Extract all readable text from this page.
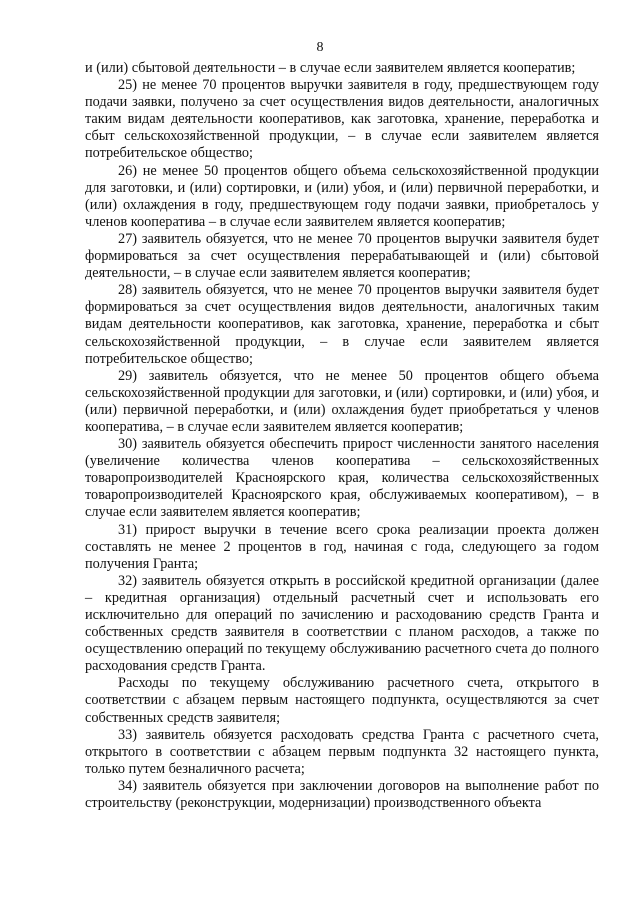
8

и (или) сбытовой деятельности – в случае если заявителем является кооператив;

25) не менее 70 процентов выручки заявителя в году, предшествующем году подачи заявки, получено за счет осуществления видов деятельности, аналогичных таким видам деятельности кооперативов, как заготовка, хранение, переработка и сбыт сельскохозяйственной продукции, – в случае если заявителем является потребительское общество;

26) не менее 50 процентов общего объема сельскохозяйственной продукции для заготовки, и (или) сортировки, и (или) убоя, и (или) первичной переработки, и (или) охлаждения в году, предшествующем году подачи заявки, приобреталось у членов кооператива – в случае если заявителем является кооператив;

27) заявитель обязуется, что не менее 70 процентов выручки заявителя будет формироваться за счет осуществления перерабатывающей и (или) сбытовой деятельности, – в случае если заявителем является кооператив;

28) заявитель обязуется, что не менее 70 процентов выручки заявителя будет формироваться за счет осуществления видов деятельности, аналогичных таким видам деятельности кооперативов, как заготовка, хранение, переработка и сбыт сельскохозяйственной продукции, – в случае если заявителем является потребительское общество;

29) заявитель обязуется, что не менее 50 процентов общего объема сельскохозяйственной продукции для заготовки, и (или) сортировки, и (или) убоя, и (или) первичной переработки, и (или) охлаждения будет приобретаться у членов кооператива, – в случае если заявителем является кооператив;

30) заявитель обязуется обеспечить прирост численности занятого населения (увеличение количества членов кооператива – сельскохозяйственных товаропроизводителей Красноярского края, количества сельскохозяйственных товаропроизводителей Красноярского края, обслуживаемых кооперативом), – в случае если заявителем является кооператив;

31) прирост выручки в течение всего срока реализации проекта должен составлять не менее 2 процентов в год, начиная с года, следующего за годом получения Гранта;

32) заявитель обязуется открыть в российской кредитной организации (далее – кредитная организация) отдельный расчетный счет и использовать его исключительно для операций по зачислению и расходованию средств Гранта и собственных средств заявителя в соответствии с планом расходов, а также по осуществлению операций по текущему обслуживанию расчетного счета до полного расходования средств Гранта.

Расходы по текущему обслуживанию расчетного счета, открытого в соответствии с абзацем первым настоящего подпункта, осуществляются за счет собственных средств заявителя;

33) заявитель обязуется расходовать средства Гранта с расчетного счета, открытого в соответствии с абзацем первым подпункта 32 настоящего пункта, только путем безналичного расчета;

34) заявитель обязуется при заключении договоров на выполнение работ по строительству (реконструкции, модернизации) производственного объекта
